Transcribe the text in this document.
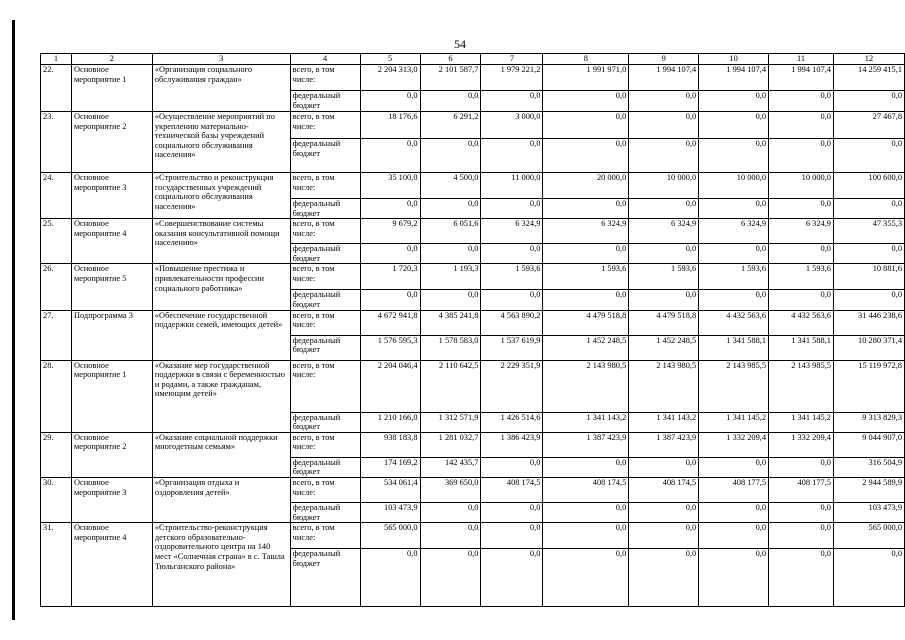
54
1	2	3	4	5	6	7	8	9	10	11	12
22.	Основное мероприятие 1	«Организация социального обслуживания граждан»	всего, в том числе:	2 204 313,0	2 101 587,7	1 979 221,2	1 991 971,0	1 994 107,4	1 994 107,4	1 994 107,4	14 259 415,1
			федеральный бюджет	0,0	0,0	0,0	0,0	0,0	0,0	0,0	0,0
23.	Основное мероприятие 2	«Осуществление мероприятий по укреплению материально-технической базы учреждений социального обслуживания населения»	всего, в том числе:	18 176,6	6 291,2	3 000,0	0,0	0,0	0,0	0,0	27 467,8
			федеральный бюджет	0,0	0,0	0,0	0,0	0,0	0,0	0,0	0,0
24.	Основное мероприятие 3	«Строительство и реконструкция государственных учреждений социального обслуживания населения»	всего, в том числе:	35 100,0	4 500,0	11 000,0	20 000,0	10 000,0	10 000,0	10 000,0	100 600,0
			федеральный бюджет	0,0	0,0	0,0	0,0	0,0	0,0	0,0	0,0
25.	Основное мероприятие 4	«Совершенствование системы оказания консультативной помощи населению»	всего, в том числе:	9 679,2	6 051,6	6 324,9	6 324,9	6 324,9	6 324,9	6 324,9	47 355,3
			федеральный бюджет	0,0	0,0	0,0	0,0	0,0	0,0	0,0	0,0
26.	Основное мероприятие 5	«Повышение престижа и привлекательности профессии социального работника»	всего, в том числе:	1 720,3	1 193,3	1 593,6	1 593,6	1 593,6	1 593,6	1 593,6	10 881,6
			федеральный бюджет	0,0	0,0	0,0	0,0	0,0	0,0	0,0	0,0
27.	Подпрограмма 3	«Обеспечение государственной поддержки семей, имеющих детей»	всего, в том числе:	4 672 941,8	4 385 241,8	4 563 890,2	4 479 518,8	4 479 518,8	4 432 563,6	4 432 563,6	31 446 238,6
			федеральный бюджет	1 576 595,3	1 578 583,0	1 537 619,9	1 452 248,5	1 452 248,5	1 341 588,1	1 341 588,1	10 280 371,4
28.	Основное мероприятие 1	«Оказание мер государственной поддержки в связи с беременностью и родами, а также гражданам, имеющим детей»	всего, в том числе:	2 204 046,4	2 110 642,5	2 229 351,9	2 143 980,5	2 143 980,5	2 143 985,5	2 143 985,5	15 119 972,8
			федеральный бюджет	1 210 166,0	1 312 571,9	1 426 514,6	1 341 143,2	1 341 143,2	1 341 145,2	1 341 145,2	9 313 829,3
29.	Основное мероприятие 2	«Оказание социальной поддержки многодетным семьям»	всего, в том числе:	938 183,8	1 281 032,7	1 386 423,9	1 387 423,9	1 387 423,9	1 332 209,4	1 332 209,4	9 044 907,0
			федеральный бюджет	174 169,2	142 435,7	0,0	0,0	0,0	0,0	0,0	316 504,9
30.	Основное мероприятие 3	«Организация отдыха и оздоровления детей»	всего, в том числе:	534 061,4	369 650,0	408 174,5	408 174,5	408 174,5	408 177,5	408 177,5	2 944 589,9
			федеральный бюджет	103 473,9	0,0	0,0	0,0	0,0	0,0	0,0	103 473,9
31.	Основное мероприятие 4	«Строительство-реконструкция детского образовательно-оздоровительного центра на 140 мест «Солнечная страна» в с. Ташла Тюльганского района»	всего, в том числе:	565 000,0	0,0	0,0	0,0	0,0	0,0	0,0	565 000,0
			федеральный бюджет	0,0	0,0	0,0	0,0	0,0	0,0	0,0	0,0
